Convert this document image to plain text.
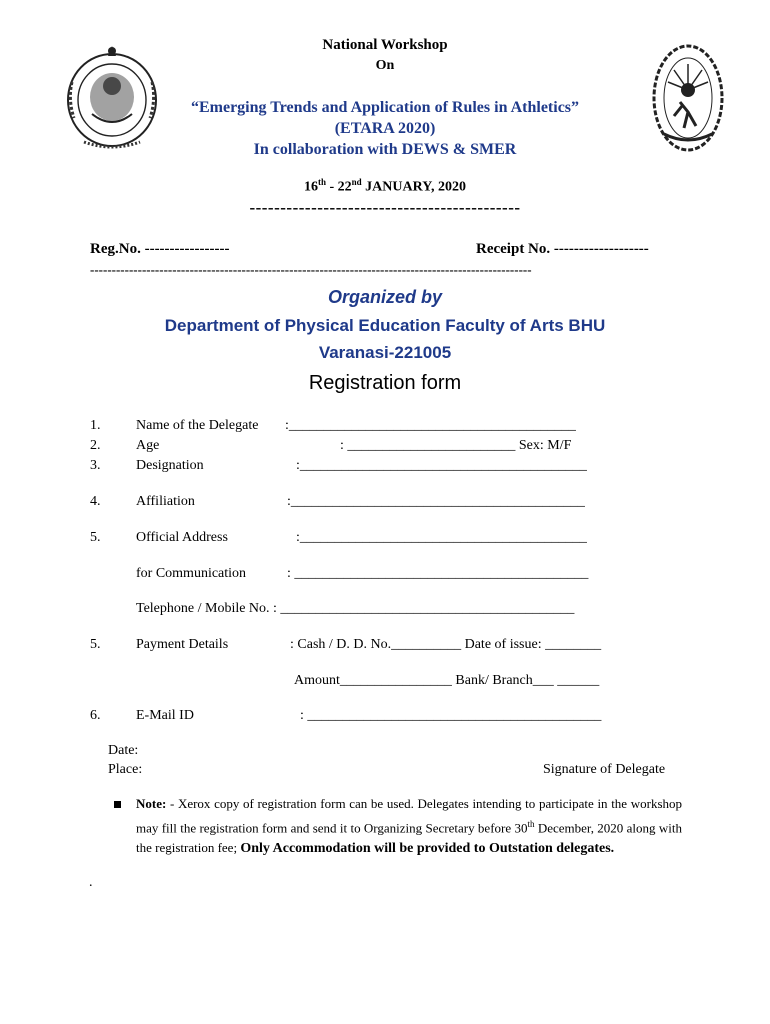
National Workshop
On
“Emerging Trends and Application of Rules in Athletics”
(ETARA 2020)
In collaboration with DEWS & SMER
16th - 22nd JANUARY, 2020
--------------------------------------------
Reg.No. -----------------	Receipt No. -------------------
------------------------------------------------------------------------------------------------------
Organized by
Department of Physical Education Faculty of Arts BHU
Varanasi-221005
Registration form
1.	Name of the Delegate :_________________________________________
2.	Age	: ________________________ Sex: M/F
3.	Designation	:_________________________________________
4.	Affiliation	:__________________________________________
5.	Official Address	:_________________________________________
for Communication	: __________________________________________
Telephone / Mobile No. : __________________________________________
5.	Payment Details	: Cash / D. D. No.__________ Date of issue: ________
Amount________________ Bank/ Branch___ ______
6.	E-Mail ID	: __________________________________________
Date:
Place:	Signature of Delegate
Note: - Xerox copy of registration form can be used. Delegates intending to participate in the workshop may fill the registration form and send it to Organizing Secretary before 30th December, 2020 along with the registration fee; Only Accommodation will be provided to Outstation delegates.
.
